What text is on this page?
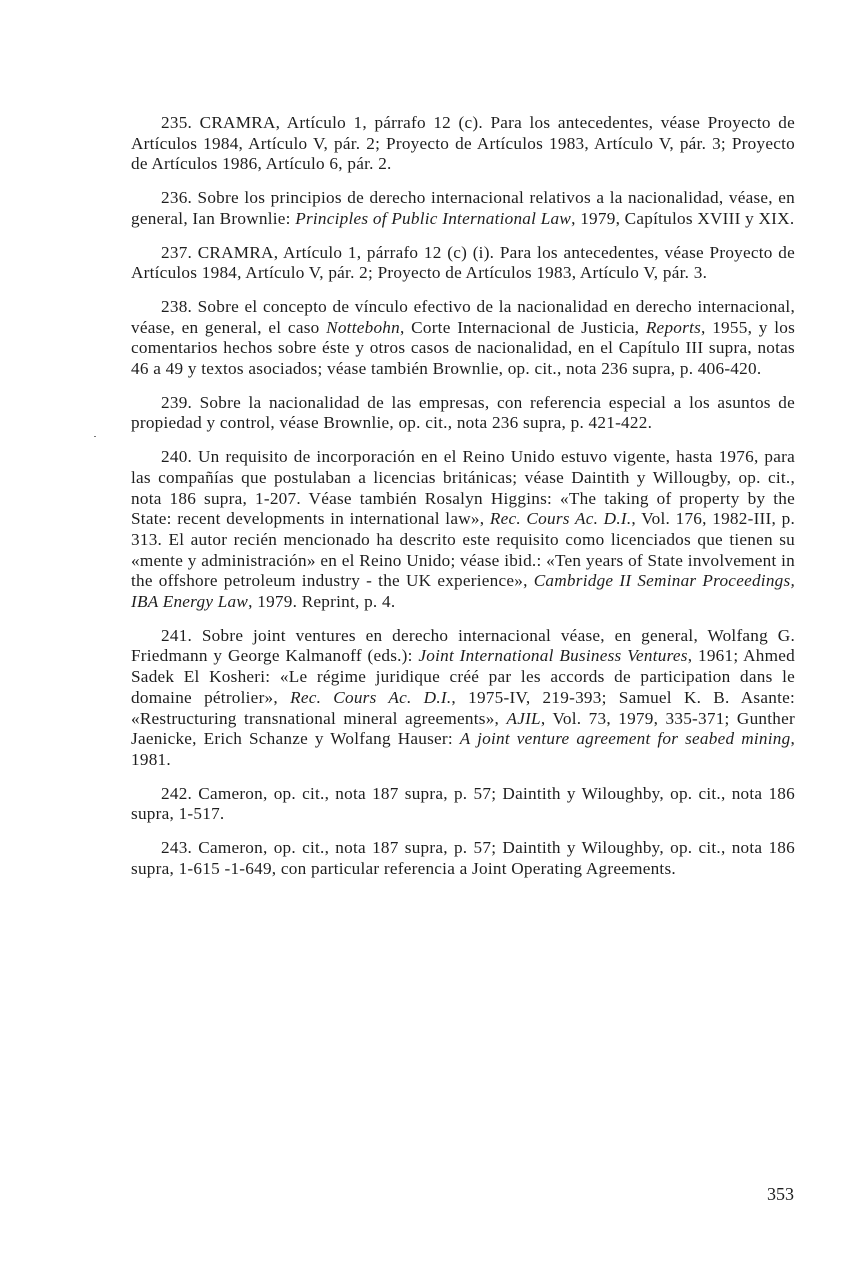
235. CRAMRA, Artículo 1, párrafo 12 (c). Para los antecedentes, véase Proyecto de Artículos 1984, Artículo V, pár. 2; Proyecto de Artículos 1983, Artículo V, pár. 3; Proyecto de Artículos 1986, Artículo 6, pár. 2.

236. Sobre los principios de derecho internacional relativos a la nacionalidad, véase, en general, Ian Brownlie: Principles of Public International Law, 1979, Capítulos XVIII y XIX.

237. CRAMRA, Artículo 1, párrafo 12 (c) (i). Para los antecedentes, véase Proyecto de Artículos 1984, Artículo V, pár. 2; Proyecto de Artículos 1983, Artículo V, pár. 3.

238. Sobre el concepto de vínculo efectivo de la nacionalidad en derecho internacional, véase, en general, el caso Nottebohn, Corte Internacional de Justicia, Reports, 1955, y los comentarios hechos sobre éste y otros casos de nacionalidad, en el Capítulo III supra, notas 46 a 49 y textos asociados; véase también Brownlie, op. cit., nota 236 supra, p. 406-420.

239. Sobre la nacionalidad de las empresas, con referencia especial a los asuntos de propiedad y control, véase Brownlie, op. cit., nota 236 supra, p. 421-422.

240. Un requisito de incorporación en el Reino Unido estuvo vigente, hasta 1976, para las compañías que postulaban a licencias británicas; véase Daintith y Willougby, op. cit., nota 186 supra, 1-207. Véase también Rosalyn Higgins: «The taking of property by the State: recent developments in international law», Rec. Cours Ac. D.I., Vol. 176, 1982-III, p. 313. El autor recién mencionado ha descrito este requisito como licenciados que tienen su «mente y administración» en el Reino Unido; véase ibid.: «Ten years of State involvement in the offshore petroleum industry - the UK experience», Cambridge II Seminar Proceedings, IBA Energy Law, 1979. Reprint, p. 4.

241. Sobre joint ventures en derecho internacional véase, en general, Wolfang G. Friedmann y George Kalmanoff (eds.): Joint International Business Ventures, 1961; Ahmed Sadek El Kosheri: «Le régime juridique créé par les accords de participation dans le domaine pétrolier», Rec. Cours Ac. D.I., 1975-IV, 219-393; Samuel K. B. Asante: «Restructuring transnational mineral agreements», AJIL, Vol. 73, 1979, 335-371; Gunther Jaenicke, Erich Schanze y Wolfang Hauser: A joint venture agreement for seabed mining, 1981.

242. Cameron, op. cit., nota 187 supra, p. 57; Daintith y Wiloughby, op. cit., nota 186 supra, 1-517.

243. Cameron, op. cit., nota 187 supra, p. 57; Daintith y Wiloughby, op. cit., nota 186 supra, 1-615 -1-649, con particular referencia a Joint Operating Agreements.

353
